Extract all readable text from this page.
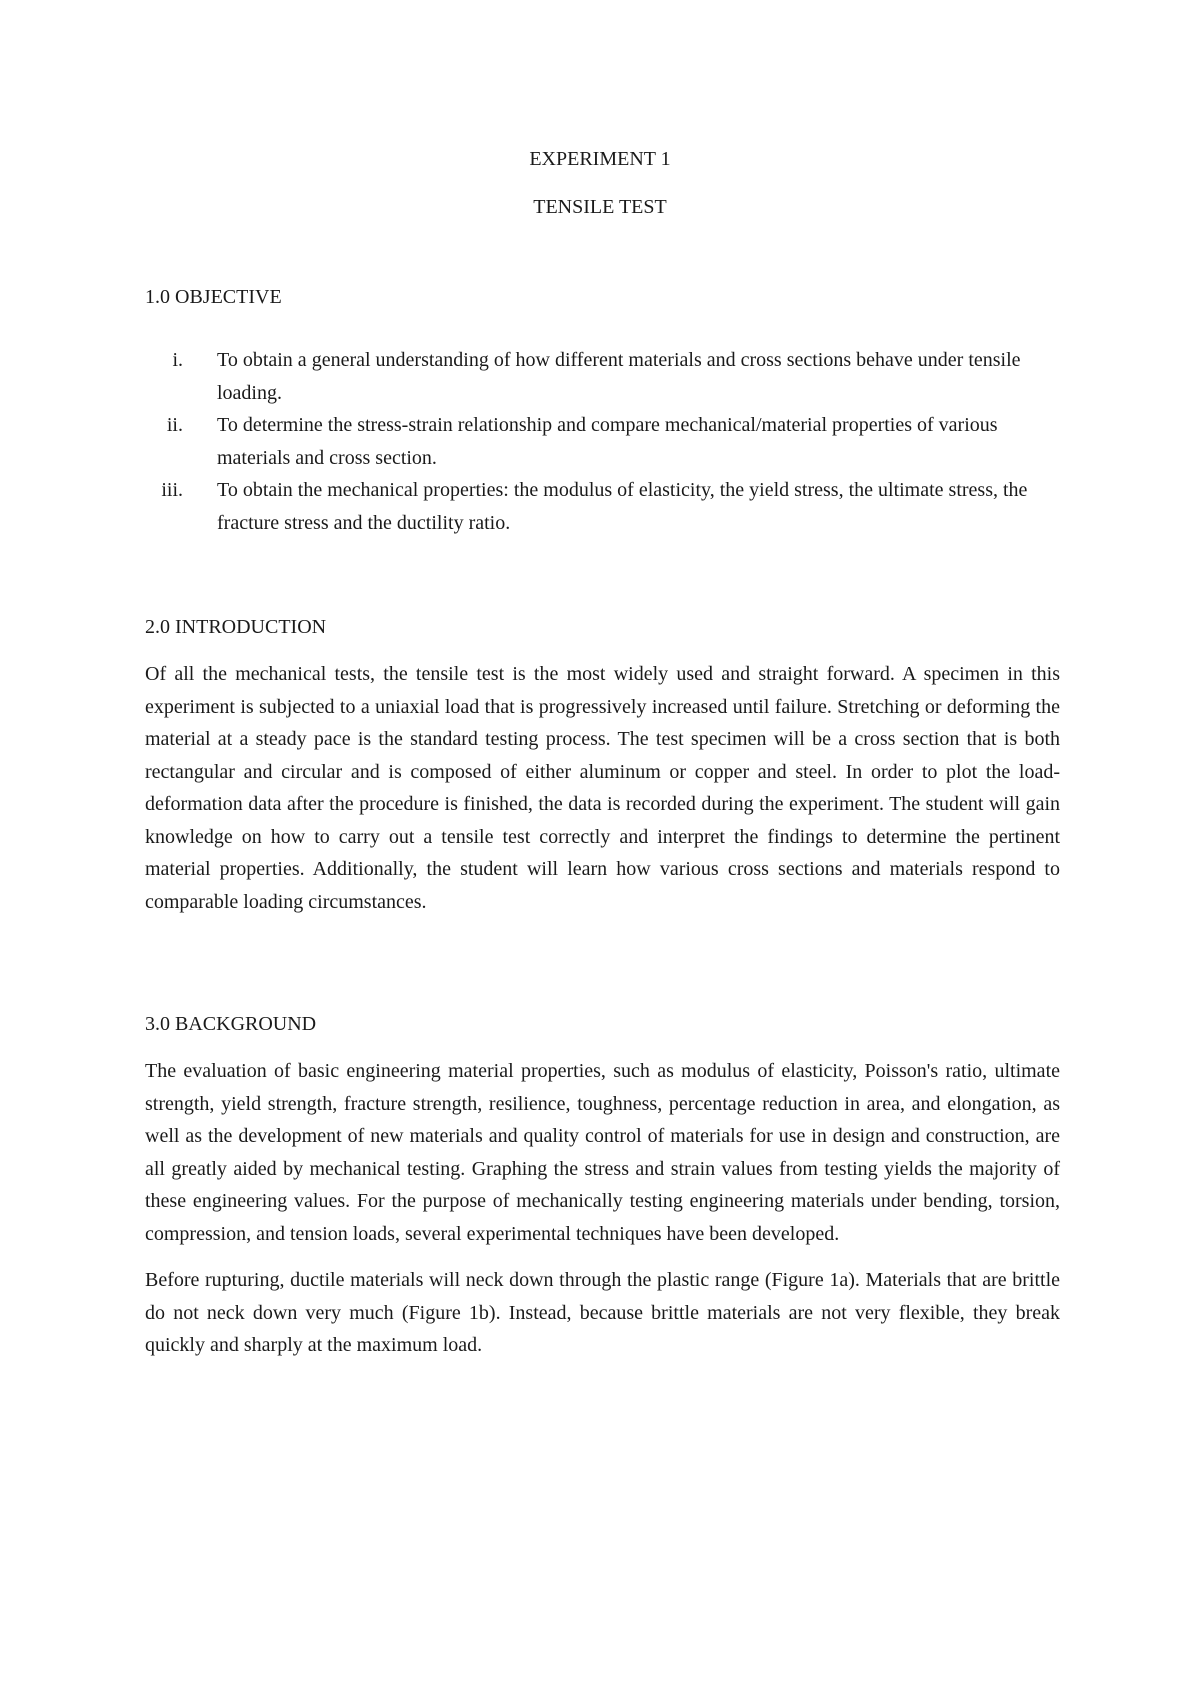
EXPERIMENT 1
TENSILE TEST
1.0 OBJECTIVE
i. To obtain a general understanding of how different materials and cross sections behave under tensile loading.
ii. To determine the stress-strain relationship and compare mechanical/material properties of various materials and cross section.
iii. To obtain the mechanical properties: the modulus of elasticity, the yield stress, the ultimate stress, the fracture stress and the ductility ratio.
2.0 INTRODUCTION

Of all the mechanical tests, the tensile test is the most widely used and straight forward. A specimen in this experiment is subjected to a uniaxial load that is progressively increased until failure. Stretching or deforming the material at a steady pace is the standard testing process. The test specimen will be a cross section that is both rectangular and circular and is composed of either aluminum or copper and steel. In order to plot the load-deformation data after the procedure is finished, the data is recorded during the experiment. The student will gain knowledge on how to carry out a tensile test correctly and interpret the findings to determine the pertinent material properties. Additionally, the student will learn how various cross sections and materials respond to comparable loading circumstances.

3.0 BACKGROUND

The evaluation of basic engineering material properties, such as modulus of elasticity, Poisson's ratio, ultimate strength, yield strength, fracture strength, resilience, toughness, percentage reduction in area, and elongation, as well as the development of new materials and quality control of materials for use in design and construction, are all greatly aided by mechanical testing. Graphing the stress and strain values from testing yields the majority of these engineering values. For the purpose of mechanically testing engineering materials under bending, torsion, compression, and tension loads, several experimental techniques have been developed.

Before rupturing, ductile materials will neck down through the plastic range (Figure 1a). Materials that are brittle do not neck down very much (Figure 1b). Instead, because brittle materials are not very flexible, they break quickly and sharply at the maximum load.
